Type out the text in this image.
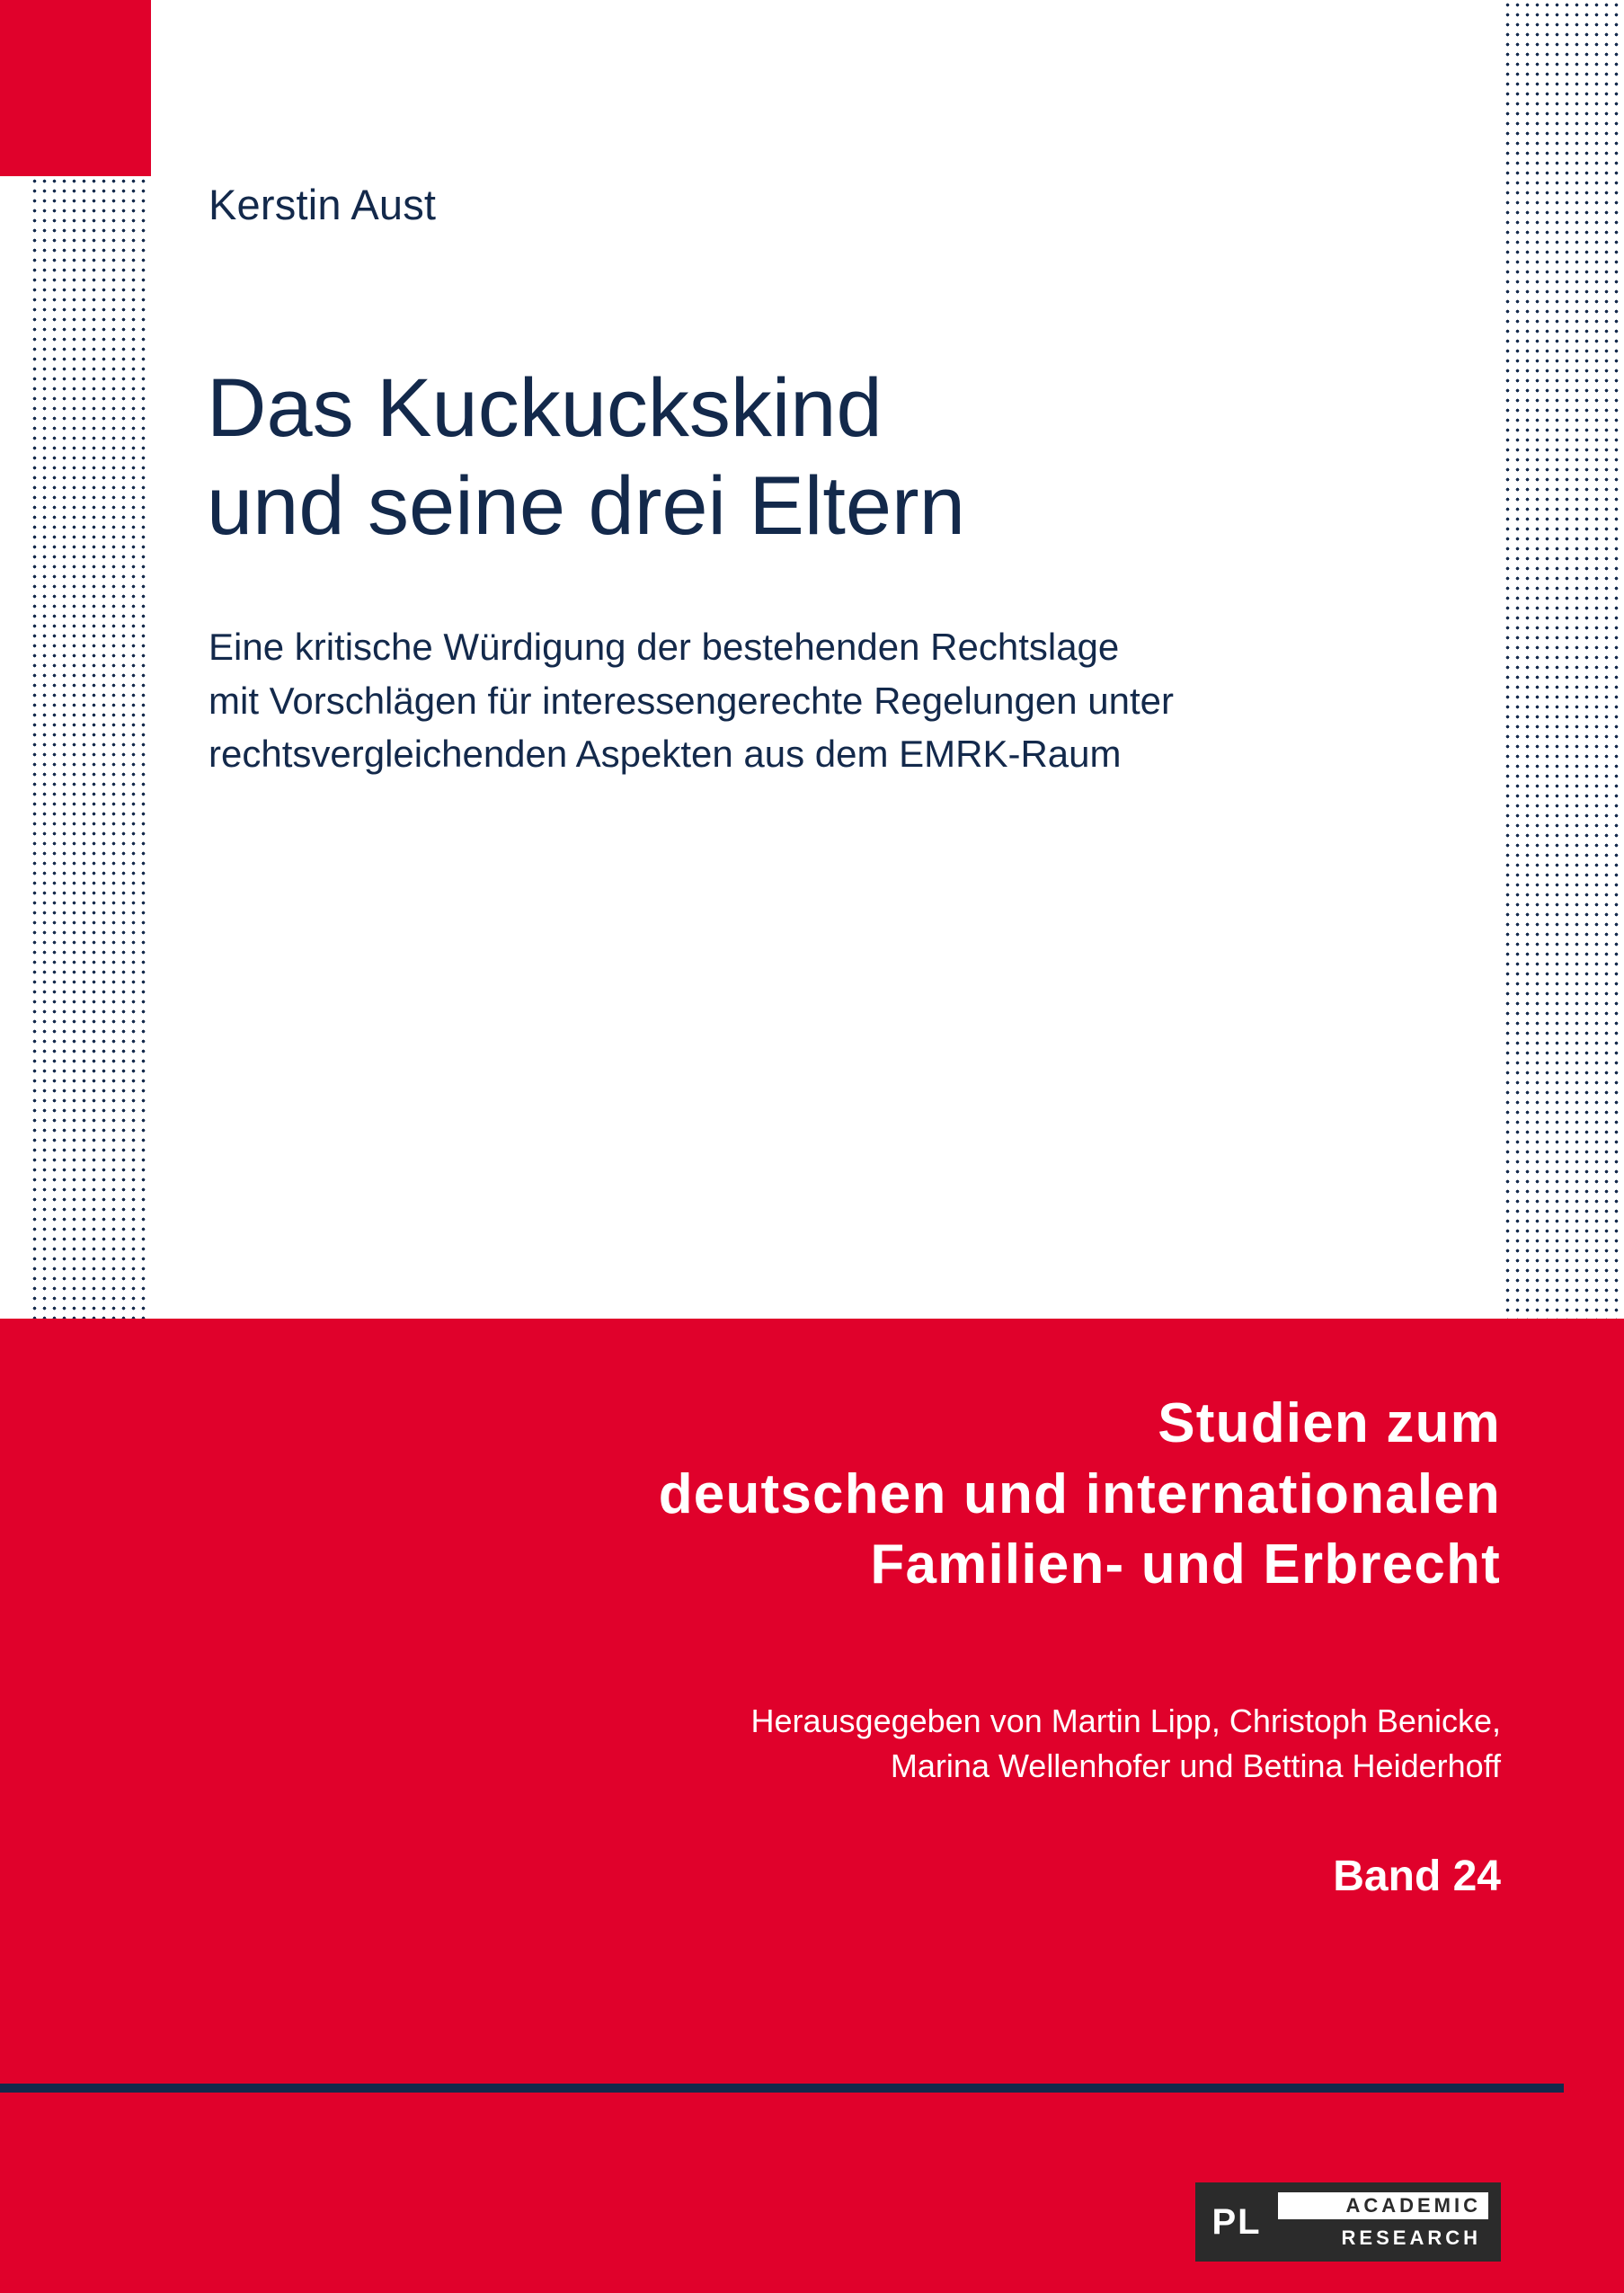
Kerstin Aust
Das Kuckuckskind
und seine drei Eltern
Eine kritische Würdigung der bestehenden Rechtslage
mit Vorschlägen für interessengerechte Regelungen unter
rechtsvergleichenden Aspekten aus dem EMRK-Raum
Studien zum
deutschen und internationalen
Familien- und Erbrecht
Herausgegeben von Martin Lipp, Christoph Benicke,
Marina Wellenhofer und Bettina Heiderhoff
Band 24
PL	ACADEMIC
RESEARCH
